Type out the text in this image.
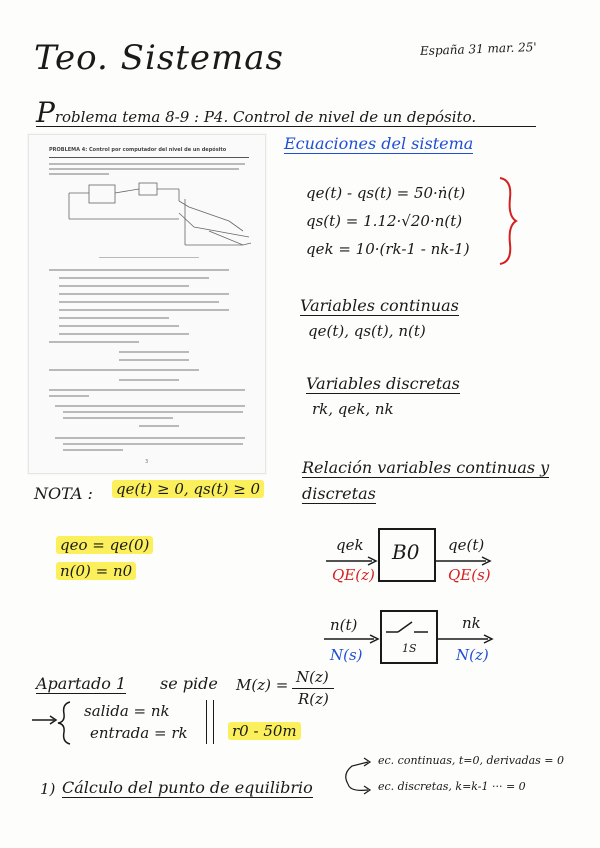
Teo. Sistemas	España 31 mar. 25'
Problema tema 8-9 : P4. Control de nivel de un depósito.
PROBLEMA 4: Control por computador del nivel de un depósito
3
Ecuaciones del sistema
qe(t) - qs(t) = 50·ṅ(t)
qs(t) = 1.12·√20·n(t)
qek = 10·(rk-1 - nk-1)
Variables continuas
qe(t), qs(t), n(t)
Variables discretas
rk, qek, nk
Relación variables continuas y
discretas
NOTA : qe(t) ≥ 0, qs(t) ≥ 0
qeo = qe(0)
n(0) = n0
qek
QE(z)
B0 qe(t)
QE(s)
n(t)
N(s)	1S
nk
N(z)
Apartado 1 se pide M(z) = N(z)
R(z)
salida = nk
entrada = rk	r0 - 50m
1) Cálculo del punto de equilibrio
ec. continuas, t=0, derivadas = 0
ec. discretas, k=k-1 ··· = 0
